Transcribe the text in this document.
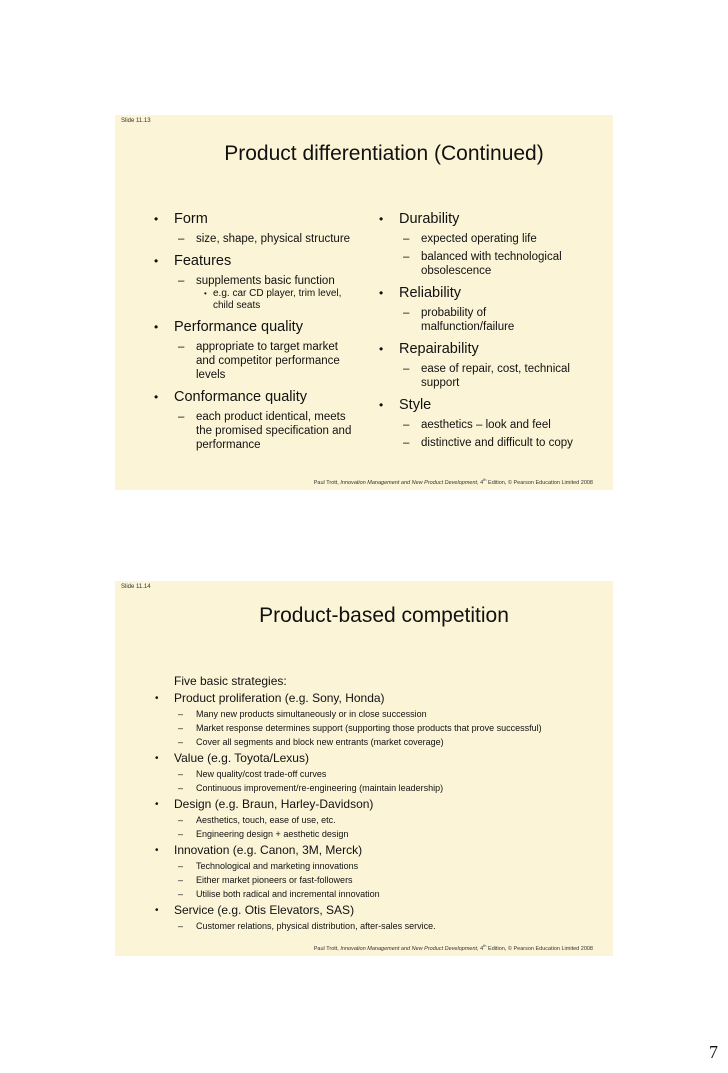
Slide 11.13
Product differentiation (Continued)
• Form
– size, shape, physical structure
• Features
– supplements basic function
• e.g. car CD player, trim level,
child seats
• Performance quality
– appropriate to target market
and competitor performance
levels
• Conformance quality
– each product identical, meets
the promised specification and
performance
• Durability
– expected operating life
– balanced with technological
obsolescence
• Reliability
– probability of
malfunction/failure
• Repairability
– ease of repair, cost, technical
support
• Style
– aesthetics – look and feel
– distinctive and difficult to copy
Paul Trott, Innovation Management and New Product Development, 4th Edition, © Pearson Education Limited 2008
Slide 11.14
Product-based competition
Five basic strategies:
• Product proliferation (e.g. Sony, Honda)
– Many new products simultaneously or in close succession
– Market response determines support (supporting those products that prove successful)
– Cover all segments and block new entrants (market coverage)
• Value (e.g. Toyota/Lexus)
– New quality/cost trade-off curves
– Continuous improvement/re-engineering (maintain leadership)
• Design (e.g. Braun, Harley-Davidson)
– Aesthetics, touch, ease of use, etc.
– Engineering design + aesthetic design
• Innovation (e.g. Canon, 3M, Merck)
– Technological and marketing innovations
– Either market pioneers or fast-followers
– Utilise both radical and incremental innovation
• Service (e.g. Otis Elevators, SAS)
– Customer relations, physical distribution, after-sales service.
Paul Trott, Innovation Management and New Product Development, 4th Edition, © Pearson Education Limited 2008
7
